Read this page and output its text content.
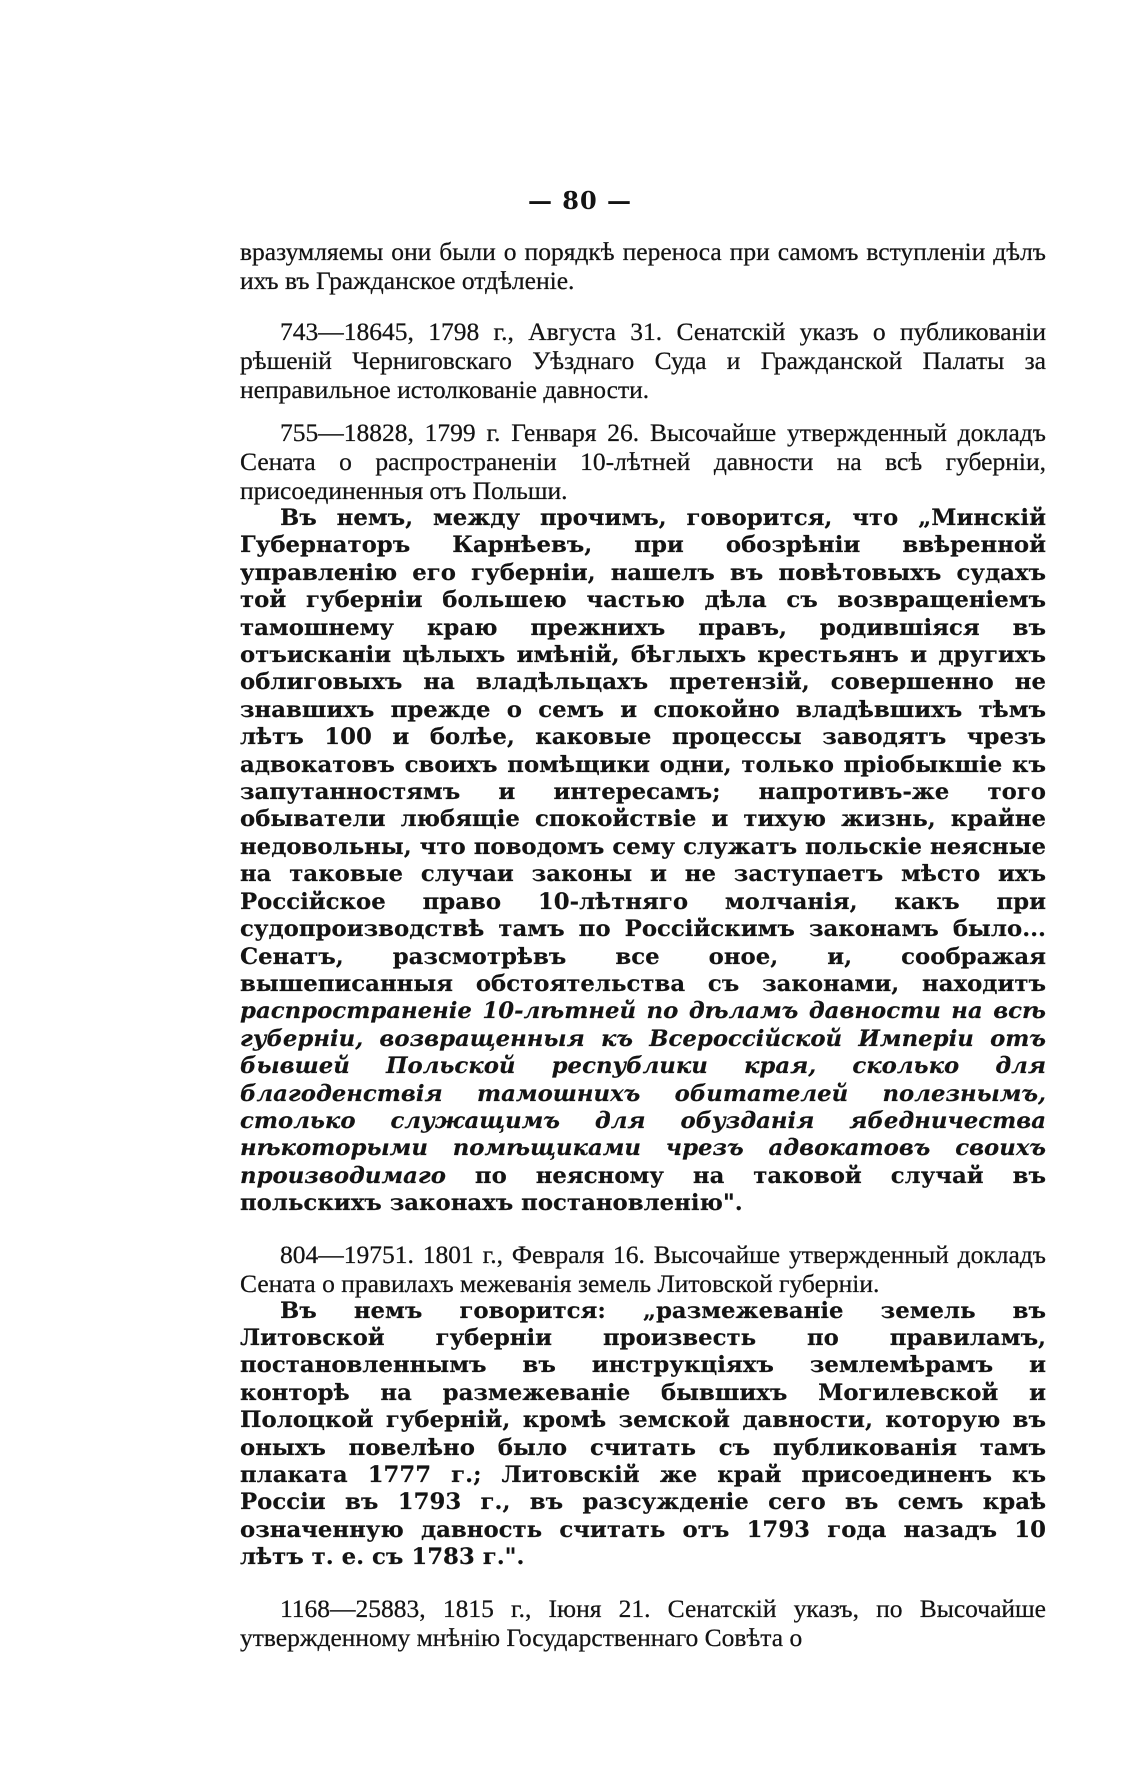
— 80 —

вразумляемы они были о порядкѣ переноса при самомъ вступленіи дѣлъ ихъ въ Гражданское отдѣленіе.

743—18645, 1798 г., Августа 31. Сенатскій указъ о публикованіи рѣшеній Черниговскаго Уѣзднаго Суда и Гражданской Палаты за неправильное истолкованіе давности.

755—18828, 1799 г. Генваря 26. Высочайше утвержденный докладъ Сената о распространеніи 10-лѣтней давности на всѣ губерніи, присоединенныя отъ Польши.

Въ немъ, между прочимъ, говорится, что „Минскій Губернаторъ Карнѣевъ, при обозрѣніи ввѣренной управленію его губерніи, нашелъ въ повѣтовыхъ судахъ той губерніи большею частью дѣла съ возвращеніемъ тамошнему краю прежнихъ правъ, родившіяся въ отъисканіи цѣлыхъ имѣній, бѣглыхъ крестьянъ и другихъ облиговыхъ на владѣльцахъ претензій, совершенно не знавшихъ прежде о семъ и спокойно владѣвшихъ тѣмъ лѣтъ 100 и болѣе, каковые процессы заводятъ чрезъ адвокатовъ своихъ помѣщики одни, только пріобыкшіе къ запутанностямъ и интересамъ; напротивъ-же того обыватели любящіе спокойствіе и тихую жизнь, крайне недовольны, что поводомъ сему служатъ польскіе неясные на таковые случаи законы и не заступаетъ мѣсто ихъ Россійское право 10-лѣтняго молчанія, какъ при судопроизводствѣ тамъ по Россійскимъ законамъ было... Сенатъ, разсмотрѣвъ все оное, и, соображая вышеписанныя обстоятельства съ законами, находитъ распространеніе 10-лѣтней по дѣламъ давности на всѣ губерніи, возвращенныя къ Всероссійской Имперіи отъ бывшей Польской республики края, сколько для благоденствія тамошнихъ обитателей полезнымъ, столько служащимъ для обузданія ябедничества нѣкоторыми помѣщиками чрезъ адвокатовъ своихъ производимаго по неясному на таковой случай въ польскихъ законахъ постановленію".

804—19751. 1801 г., Февраля 16. Высочайше утвержденный докладъ Сената о правилахъ межеванія земель Литовской губерніи.

Въ немъ говорится: „размежеваніе земель въ Литовской губерніи произвесть по правиламъ, постановленнымъ въ инструкціяхъ землемѣрамъ и конторѣ на размежеваніе бывшихъ Могилевской и Полоцкой губерній, кромѣ земской давности, которую въ оныхъ повелѣно было считать съ публикованія тамъ плаката 1777 г.; Литовскій же край присоединенъ къ Россіи въ 1793 г., въ разсужденіе сего въ семъ краѣ означенную давность считать отъ 1793 года назадъ 10 лѣтъ т. е. съ 1783 г.".

1168—25883, 1815 г., Іюня 21. Сенатскій указъ, по Высочайше утвержденному мнѣнію Государственнаго Совѣта о
